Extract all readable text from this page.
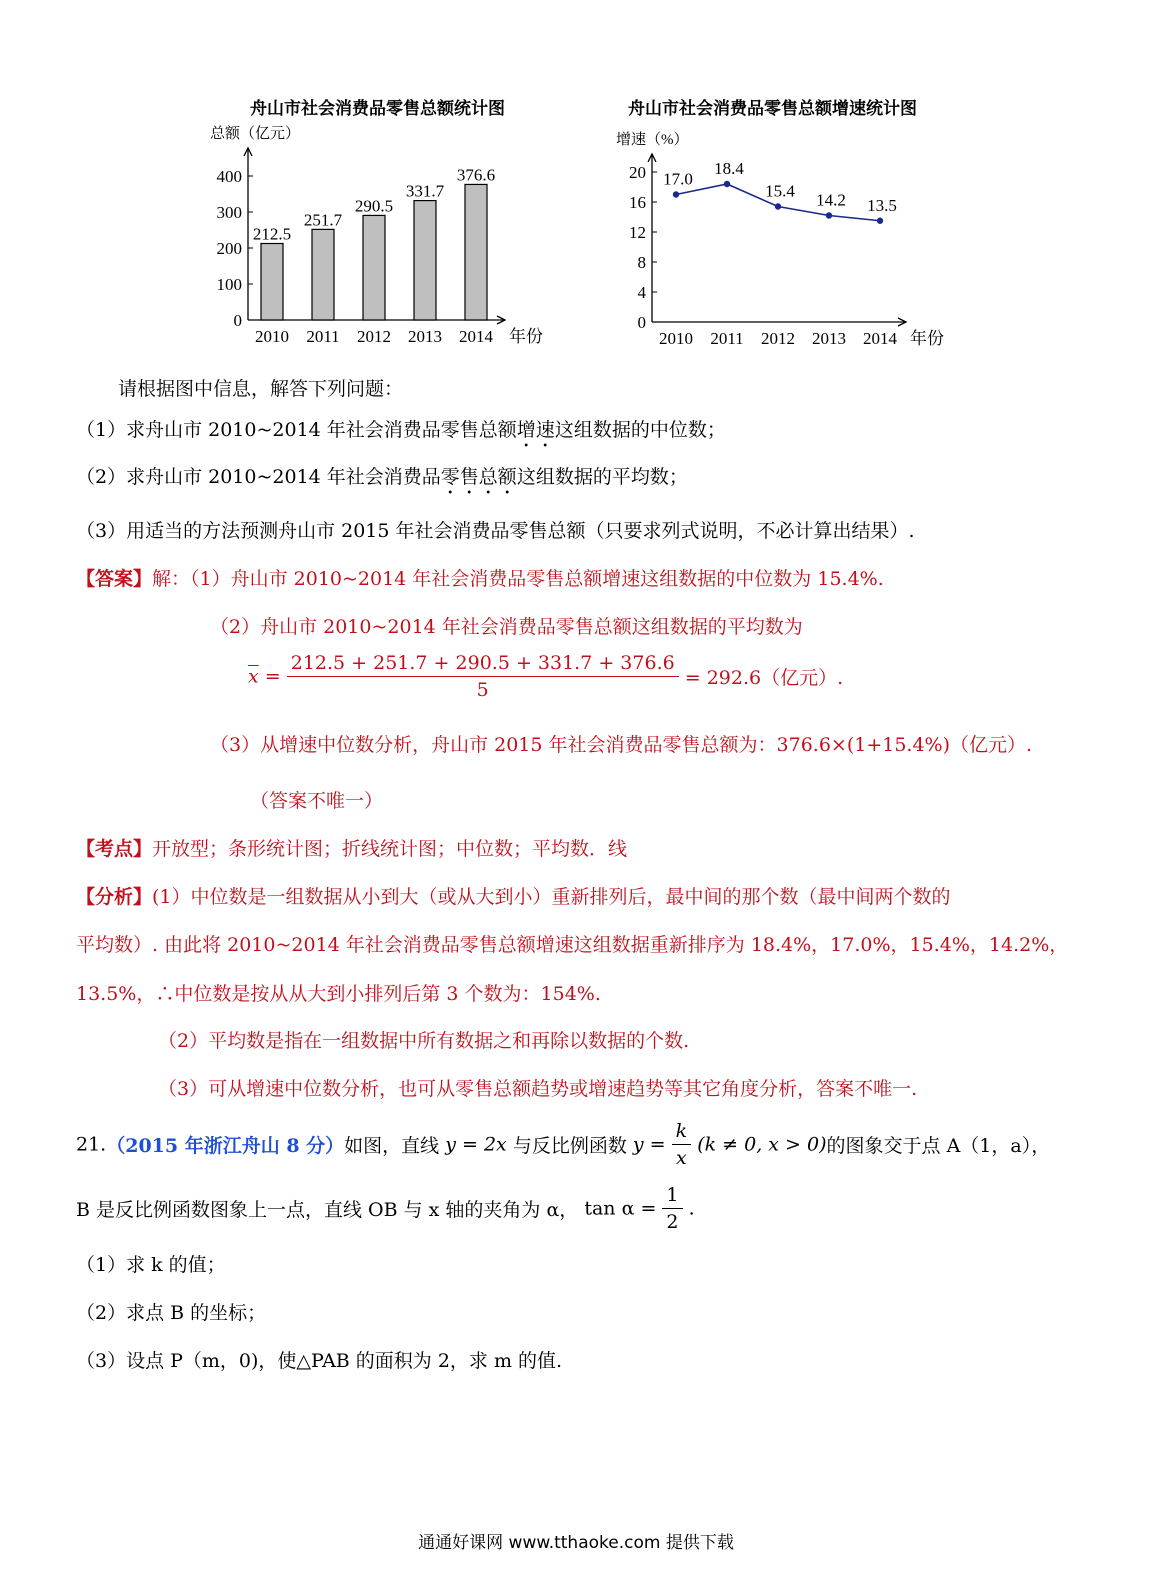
舟山市社会消费品零售总额统计图	舟山市社会消费品零售总额增速统计图
总额（亿元）
0
100
200
300
400
年份
212.5
2010
251.7
2011
290.5
2012
331.7
2013
376.6
2014
增速（%）
0
4
8
12
16
20
年份
17.0
2010
18.4
2011
15.4
2012
14.2
2013
13.5
2014
请根据图中信息，解答下列问题：
（1）求舟山市 2010~2014 年社会消费品零售总额增速这组数据的中位数；
（2）求舟山市 2010~2014 年社会消费品零售总额这组数据的平均数；
（3）用适当的方法预测舟山市 2015 年社会消费品零售总额（只要求列式说明，不必计算出结果）.
【答案】解：（1）舟山市 2010~2014 年社会消费品零售总额增速这组数据的中位数为 15.4%.
（2）舟山市 2010~2014 年社会消费品零售总额这组数据的平均数为
$\overline{x} = \frac{212.5 + 251.7 + 290.5 + 331.7 + 376.6}{5} = 292.6$（亿元）.
（3）从增速中位数分析，舟山市 2015 年社会消费品零售总额为：376.6×(1+15.4%)（亿元）.
（答案不唯一）
【考点】开放型；条形统计图；折线统计图；中位数；平均数．线
【分析】(1）中位数是一组数据从小到大（或从大到小）重新排列后，最中间的那个数（最中间两个数的
平均数）. 由此将 2010~2014 年社会消费品零售总额增速这组数据重新排序为 18.4%，17.0%，15.4%，14.2%，
13.5%，∴中位数是按从从大到小排列后第 3 个数为：154%.
（2）平均数是指在一组数据中所有数据之和再除以数据的个数.
（3）可从增速中位数分析，也可从零售总额趋势或增速趋势等其它角度分析，答案不唯一.
21.（2015 年浙江舟山 8 分）如图，直线 y = 2x 与反比例函数 $y = \frac{k}{x} (k \ne 0$, x > 0)的图象交于点 A（1，a），
B 是反比例函数图象上一点，直线 OB 与 x 轴的夹角为 α， $\tan \alpha = \frac{1}{2}$ .
（1）求 k 的值；
（2）求点 B 的坐标；
（3）设点 P（m，0)，使△PAB 的面积为 2，求 m 的值.
通通好课网 www.tthaoke.com 提供下载
